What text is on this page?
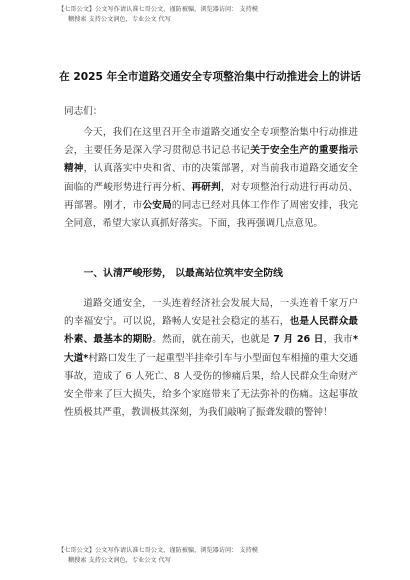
【七哥公文】公文写作请认准七哥公文，谨防被骗，浏览器访问： 支持模
糊搜索 支持公文润色，专业公文 代写
在 2025 年全市道路交通安全专项整治集中行动推进会上的讲话
同志们：
今天，我们在这里召开全市道路交通安全专项整治集中行动推进会，主要任务是深入学习贯彻总书记总书记关于安全生产的重要指示精神，认真落实中央和省、市的决策部署，对当前我市道路交通安全面临的严峻形势进行再分析、再研判，对专项整治行动进行再动员、再部署。刚才，市公安局的同志已经对具体工作作了周密安排，我完全同意，希望大家认真抓好落实。下面，我再强调几点意见。
一、认清严峻形势， 以最高站位筑牢安全防线
道路交通安全，一头连着经济社会发展大局，一头连着千家万户的幸福安宁。可以说，路畅人安是社会稳定的基石，也是人民群众最朴素、最基本的期盼。然而，就在前天，也就是 7 月 26 日，我市*大道*村路口发生了一起重型半挂牵引车与小型面包车相撞的重大交通事故，造成了 6 人死亡、8 人受伤的惨痛后果，给人民群众生命财产安全带来了巨大损失，给多个家庭带来了无法弥补的伤痛。这起事故性质极其严重，教训极其深刻，为我们敲响了振聋发聩的警钟！
【七哥公文】公文写作请认准七哥公文，谨防被骗，浏览器访问： 支持模
糊搜索 支持公文润色，专业公文 代写
